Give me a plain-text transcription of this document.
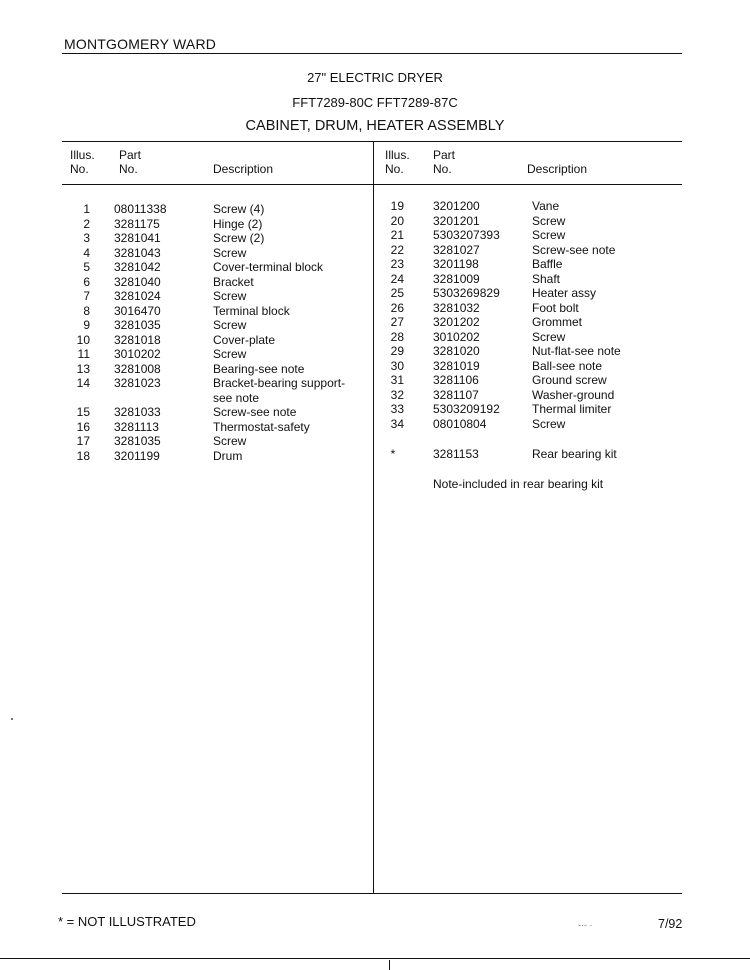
MONTGOMERY WARD
27" ELECTRIC DRYER
FFT7289-80C FFT7289-87C
CABINET, DRUM, HEATER ASSEMBLY
Illus.
No.
Part
No.	Description
Illus.
No.
Part
No.	Description
1 08011338	Screw (4)
2 3281175	Hinge (2)
3 3281041	Screw (2)
4 3281043	Screw
5 3281042	Cover-terminal block
6 3281040	Bracket
7 3281024	Screw
8 3016470	Terminal block
9 3281035	Screw
10 3281018	Cover-plate
11 3010202	Screw
13 3281008	Bearing-see note
14 3281023	Bracket-bearing support-
see note
15 3281033	Screw-see note
16 3281113	Thermostat-safety
17 3281035	Screw
18 3201199	Drum
19 3201200	Vane
20 3201201	Screw
21 5303207393	Screw
22 3281027	Screw-see note
23 3201198	Baffle
24 3281009	Shaft
25 5303269829	Heater assy
26 3281032	Foot bolt
27 3201202	Grommet
28 3010202	Screw
29 3281020	Nut-flat-see note
30 3281019	Ball-see note
31 3281106	Ground screw
32 3281107	Washer-ground
33 5303209192	Thermal limiter
34 08010804	Screw
*	3281153	Rear bearing kit
Note-included in rear bearing kit
* = NOT ILLUSTRATED	‐·‐ ·	7/92
